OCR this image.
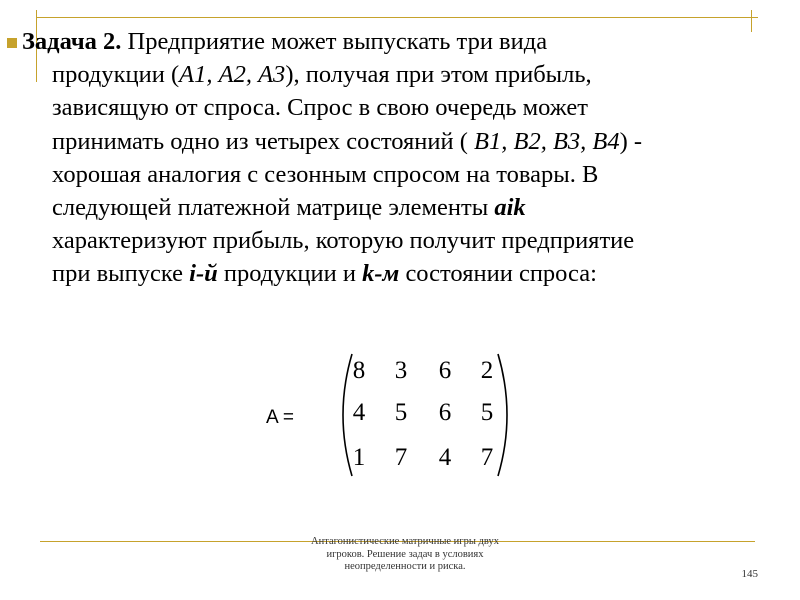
Задача 2. Предприятие может выпускать три вида
продукции (А1, А2, А3), получая при этом прибыль,
зависящую от спроса. Спрос в свою очередь может
принимать одно из четырех состояний ( В1, В2, В3, В4) -
хорошая аналогия с сезонным спросом на товары. В
следующей платежной матрице элементы aik
характеризуют прибыль, которую получит предприятие
при выпуске i-й продукции и k-м состоянии спроса:
A =
8	3	6	2
4	5	6	5
1	7	4	7
Антагонистические матричные игры двух
игроков. Решение задач в условиях
неопределенности и риска.
145
